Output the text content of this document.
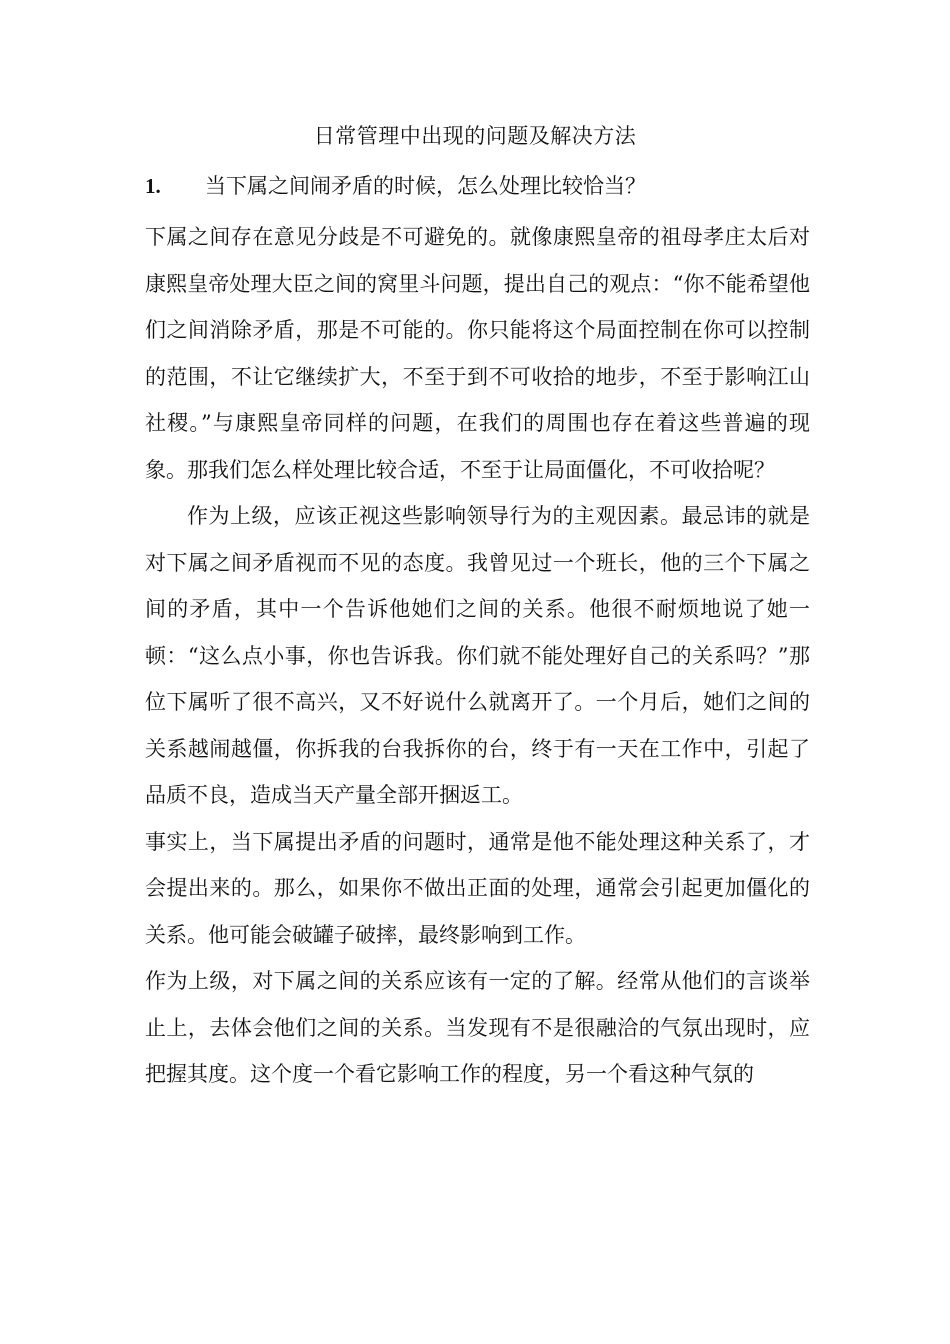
日常管理中出现的问题及解决方法
1.	当下属之间闹矛盾的时候，怎么处理比较恰当？

下属之间存在意见分歧是不可避免的。就像康熙皇帝的祖母孝庄太后对康熙皇帝处理大臣之间的窝里斗问题，提出自己的观点：“你不能希望他们之间消除矛盾，那是不可能的。你只能将这个局面控制在你可以控制的范围，不让它继续扩大，不至于到不可收拾的地步，不至于影响江山社稷。”与康熙皇帝同样的问题，在我们的周围也存在着这些普遍的现象。那我们怎么样处理比较合适，不至于让局面僵化，不可收拾呢？

作为上级，应该正视这些影响领导行为的主观因素。最忌讳的就是对下属之间矛盾视而不见的态度。我曾见过一个班长，他的三个下属之间的矛盾，其中一个告诉他她们之间的关系。他很不耐烦地说了她一顿：“这么点小事，你也告诉我。你们就不能处理好自己的关系吗？”那位下属听了很不高兴，又不好说什么就离开了。一个月后，她们之间的关系越闹越僵，你拆我的台我拆你的台，终于有一天在工作中，引起了品质不良，造成当天产量全部开捆返工。

事实上，当下属提出矛盾的问题时，通常是他不能处理这种关系了，才会提出来的。那么，如果你不做出正面的处理，通常会引起更加僵化的关系。他可能会破罐子破摔，最终影响到工作。

作为上级，对下属之间的关系应该有一定的了解。经常从他们的言谈举止上，去体会他们之间的关系。当发现有不是很融洽的气氛出现时，应把握其度。这个度一个看它影响工作的程度，另一个看这种气氛的
